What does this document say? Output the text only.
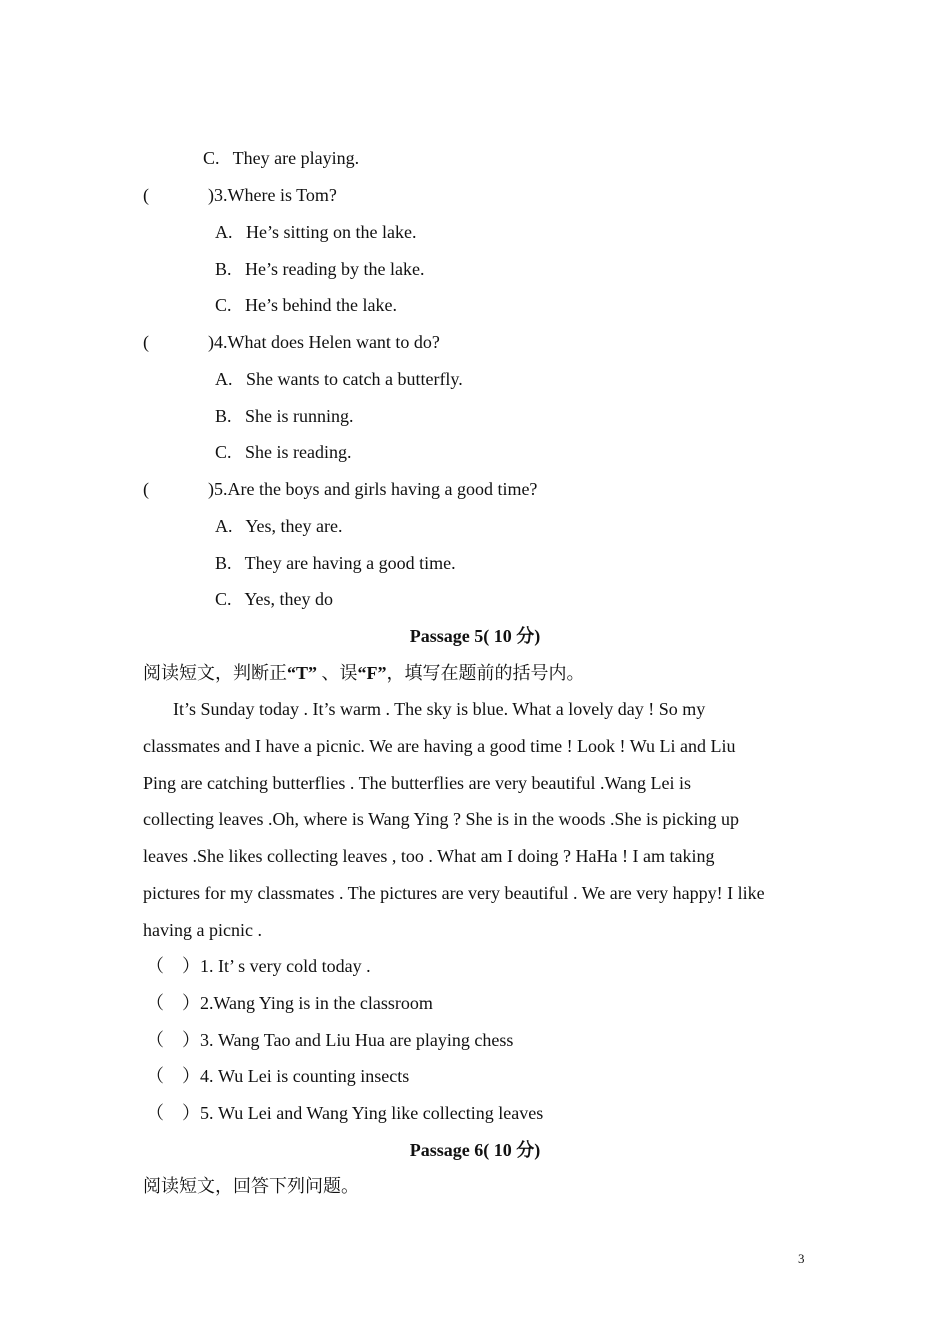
C.   They are playing.
(	)3.Where is Tom?
A.   He’s sitting on the lake.
B.   He’s reading by the lake.
C.   He’s behind the lake.
(	)4.What does Helen want to do?
A.   She wants to catch a butterfly.
B.   She is running.
C.   She is reading.
(	)5.Are the boys and girls having a good time?
A.   Yes, they are.
B.   They are having a good time.
C.   Yes, they do
Passage 5( 10 分)
阅读短文，判断正“T” 、误“F”，填写在题前的括号内。
It’s Sunday today . It’s warm . The sky is blue. What a lovely day ! So my
classmates and I have a picnic. We are having a good time ! Look ! Wu Li and Liu
Ping are catching butterflies . The butterflies are very beautiful .Wang Lei is
collecting leaves .Oh, where is Wang Ying ? She is in the woods .She is picking up
leaves .She likes collecting leaves , too . What am I doing ? HaHa ! I am taking
pictures for my classmates . The pictures are very beautiful . We are very happy! I like
having a picnic .
（    ）1. It’ s very cold today .
（    ）2.Wang Ying is in the classroom
（    ）3. Wang Tao and Liu Hua are playing chess
（    ）4. Wu Lei is counting insects
（    ）5. Wu Lei and Wang Ying like collecting leaves
Passage 6( 10 分)
阅读短文，回答下列问题。
3
